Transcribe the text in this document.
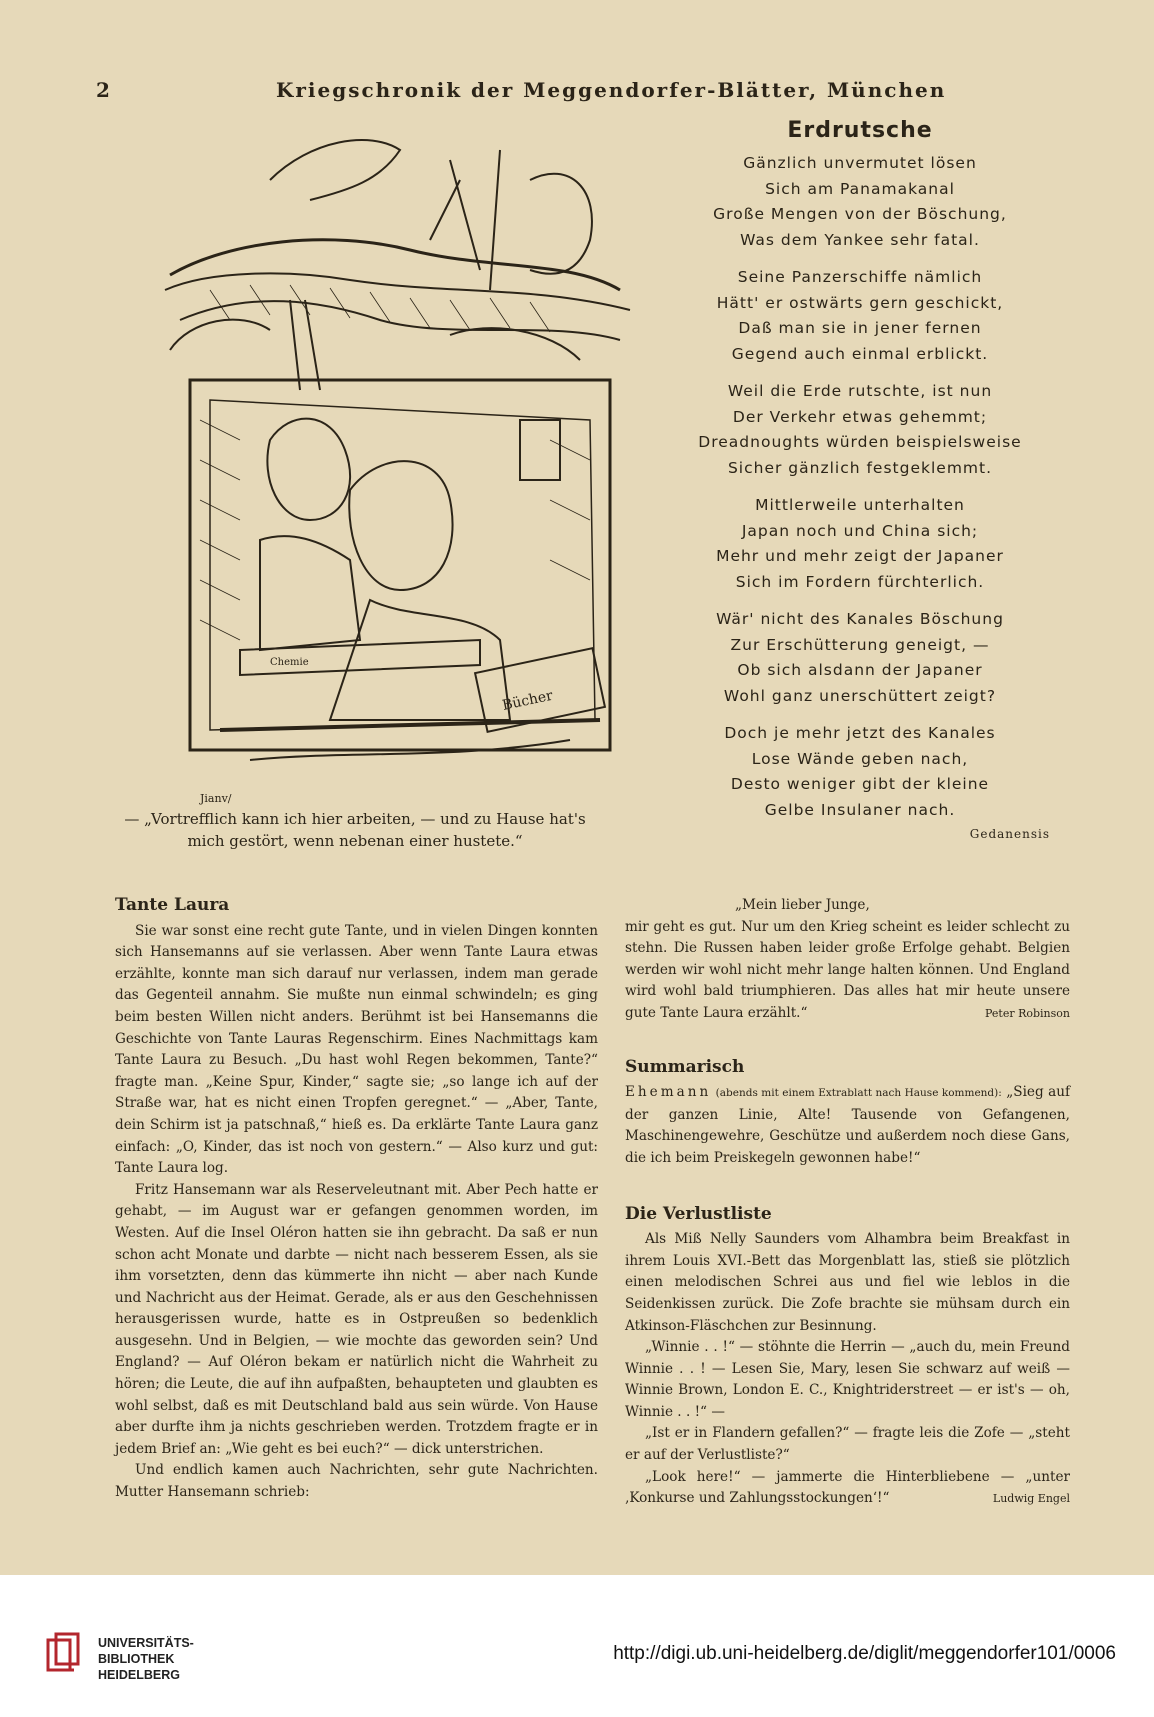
2	Kriegschronik der Meggendorfer-Blätter, München
Bücher
Chemie
Jianv/
— „Vortrefflich kann ich hier arbeiten, — und zu Hause hat's mich gestört, wenn nebenan einer hustete.“
Erdrutsche
Gänzlich unvermutet lösen
Sich am Panamakanal
Große Mengen von der Böschung,
Was dem Yankee sehr fatal.
Seine Panzerschiffe nämlich
Hätt' er ostwärts gern geschickt,
Daß man sie in jener fernen
Gegend auch einmal erblickt.
Weil die Erde rutschte, ist nun
Der Verkehr etwas gehemmt;
Dreadnoughts würden beispielsweise
Sicher gänzlich festgeklemmt.
Mittlerweile unterhalten
Japan noch und China sich;
Mehr und mehr zeigt der Japaner
Sich im Fordern fürchterlich.
Wär' nicht des Kanales Böschung
Zur Erschütterung geneigt, —
Ob sich alsdann der Japaner
Wohl ganz unerschüttert zeigt?
Doch je mehr jetzt des Kanales
Lose Wände geben nach,
Desto weniger gibt der kleine
Gelbe Insulaner nach.
Gedanensis
Tante Laura

Sie war sonst eine recht gute Tante, und in vielen Dingen konnten sich Hansemanns auf sie verlassen. Aber wenn Tante Laura etwas erzählte, konnte man sich darauf nur verlassen, indem man gerade das Gegenteil annahm. Sie mußte nun einmal schwindeln; es ging beim besten Willen nicht anders. Berühmt ist bei Hansemanns die Geschichte von Tante Lauras Regenschirm. Eines Nachmittags kam Tante Laura zu Besuch. „Du hast wohl Regen bekommen, Tante?“ fragte man. „Keine Spur, Kinder,“ sagte sie; „so lange ich auf der Straße war, hat es nicht einen Tropfen geregnet.“ — „Aber, Tante, dein Schirm ist ja patschnaß,“ hieß es. Da erklärte Tante Laura ganz einfach: „O, Kinder, das ist noch von gestern.“ — Also kurz und gut: Tante Laura log.

Fritz Hansemann war als Reserveleutnant mit. Aber Pech hatte er gehabt, — im August war er gefangen genommen worden, im Westen. Auf die Insel Oléron hatten sie ihn gebracht. Da saß er nun schon acht Monate und darbte — nicht nach besserem Essen, als sie ihm vorsetzten, denn das kümmerte ihn nicht — aber nach Kunde und Nachricht aus der Heimat. Gerade, als er aus den Geschehnissen herausgerissen wurde, hatte es in Ostpreußen so bedenklich ausgesehn. Und in Belgien, — wie mochte das geworden sein? Und England? — Auf Oléron bekam er natürlich nicht die Wahrheit zu hören; die Leute, die auf ihn aufpaßten, behaupteten und glaubten es wohl selbst, daß es mit Deutschland bald aus sein würde. Von Hause aber durfte ihm ja nichts geschrieben werden. Trotzdem fragte er in jedem Brief an: „Wie geht es bei euch?“ — dick unterstrichen.

Und endlich kamen auch Nachrichten, sehr gute Nachrichten. Mutter Hansemann schrieb:

„Mein lieber Junge,

mir geht es gut. Nur um den Krieg scheint es leider schlecht zu stehn. Die Russen haben leider große Erfolge gehabt. Belgien werden wir wohl nicht mehr lange halten können. Und England wird wohl bald triumphieren. Das alles hat mir heute unsere gute Tante Laura erzählt.“	Peter Robinson

Summarisch

Ehemann (abends mit einem Extrablatt nach Hause kommend): „Sieg auf der ganzen Linie, Alte! Tausende von Gefangenen, Maschinengewehre, Geschütze und außerdem noch diese Gans, die ich beim Preiskegeln gewonnen habe!“

Die Verlustliste

Als Miß Nelly Saunders vom Alhambra beim Breakfast in ihrem Louis XVI.-Bett das Morgenblatt las, stieß sie plötzlich einen melodischen Schrei aus und fiel wie leblos in die Seidenkissen zurück. Die Zofe brachte sie mühsam durch ein Atkinson-Fläschchen zur Besinnung.

„Winnie . . !“ — stöhnte die Herrin — „auch du, mein Freund Winnie . . ! — Lesen Sie, Mary, lesen Sie schwarz auf weiß — Winnie Brown, London E. C., Knightriderstreet — er ist's — oh, Winnie . . !“ —

„Ist er in Flandern gefallen?“ — fragte leis die Zofe — „steht er auf der Verlustliste?“

„Look here!“ — jammerte die Hinterbliebene — „unter ‚Konkurse und Zahlungsstockungen‘!“	Ludwig Engel

UNIVERSITÄTS-
BIBLIOTHEK
HEIDELBERG
http://digi.ub.uni-heidelberg.de/diglit/meggendorfer101/0006
